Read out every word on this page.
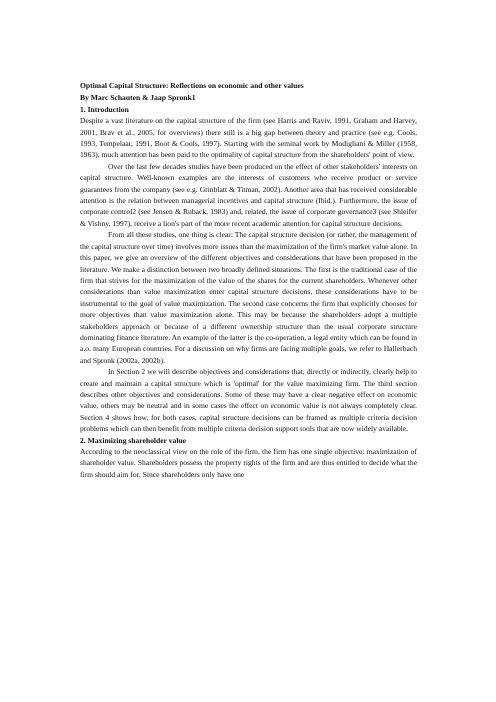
Optimal Capital Structure: Reflections on economic and other values

By Marc Schauten & Jaap Spronk1

1. Introduction

Despite a vast literature on the capital structure of the firm (see Harris and Raviv, 1991, Graham and Harvey, 2001, Brav et al., 2005, for overviews) there still is a big gap between theory and practice (see e.g. Cools, 1993, Tempelaar, 1991, Boot & Cools, 1997). Starting with the seminal work by Modigliani & Miller (1958, 1963), much attention has been paid to the optimality of capital structure from the shareholders' point of view.

Over the last few decades studies have been produced on the effect of other stakeholders' interests on capital structure. Well-known examples are the interests of customers who receive product or service guarantees from the company (see e.g. Grinblatt & Titman, 2002). Another area that has received considerable attention is the relation between managerial incentives and capital structure (Ibid.). Furthermore, the issue of corporate control2 (see Jensen & Ruback, 1983) and, related, the issue of corporate governance3 (see Shleifer & Vishny, 1997), receive a lion's part of the more recent academic attention for capital structure decisions.

From all these studies, one thing is clear: The capital structure decision (or rather, the management of the capital structure over time) involves more issues than the maximization of the firm's market value alone. In this paper, we give an overview of the different objectives and considerations that have been proposed in the literature. We make a distinction between two broadly defined situations. The first is the traditional case of the firm that strives for the maximization of the value of the shares for the current shareholders. Whenever other considerations than value maximization enter capital structure decisions, these considerations have to be instrumental to the goal of value maximization. The second case concerns the firm that explicitly chooses for more objectives than value maximization alone. This may be because the shareholders adopt a multiple stakeholders approach or because of a different ownership structure than the usual corporate structure dominating finance literature. An example of the latter is the co-operation, a legal entity which can be found in a.o. many European countries. For a discussion on why firms are facing multiple goals, we refer to Hallerbach and Spronk (2002a, 2002b).

In Section 2 we will describe objectives and considerations that, directly or indirectly, clearly help to create and maintain a capital structure which is 'optimal' for the value maximizing firm. The third section describes other objectives and considerations. Some of these may have a clear negative effect on economic value, others may be neutral and in some cases the effect on economic value is not always completely clear. Section 4 shows how, for both cases, capital structure decisions can be framed as multiple criteria decision problems which can then benefit from multiple criteria decision support tools that are now widely available.

2. Maximizing shareholder value

According to the neoclassical view on the role of the firm, the firm has one single objective: maximization of shareholder value. Shareholders possess the property rights of the firm and are thus entitled to decide what the firm should aim for. Since shareholders only have one
